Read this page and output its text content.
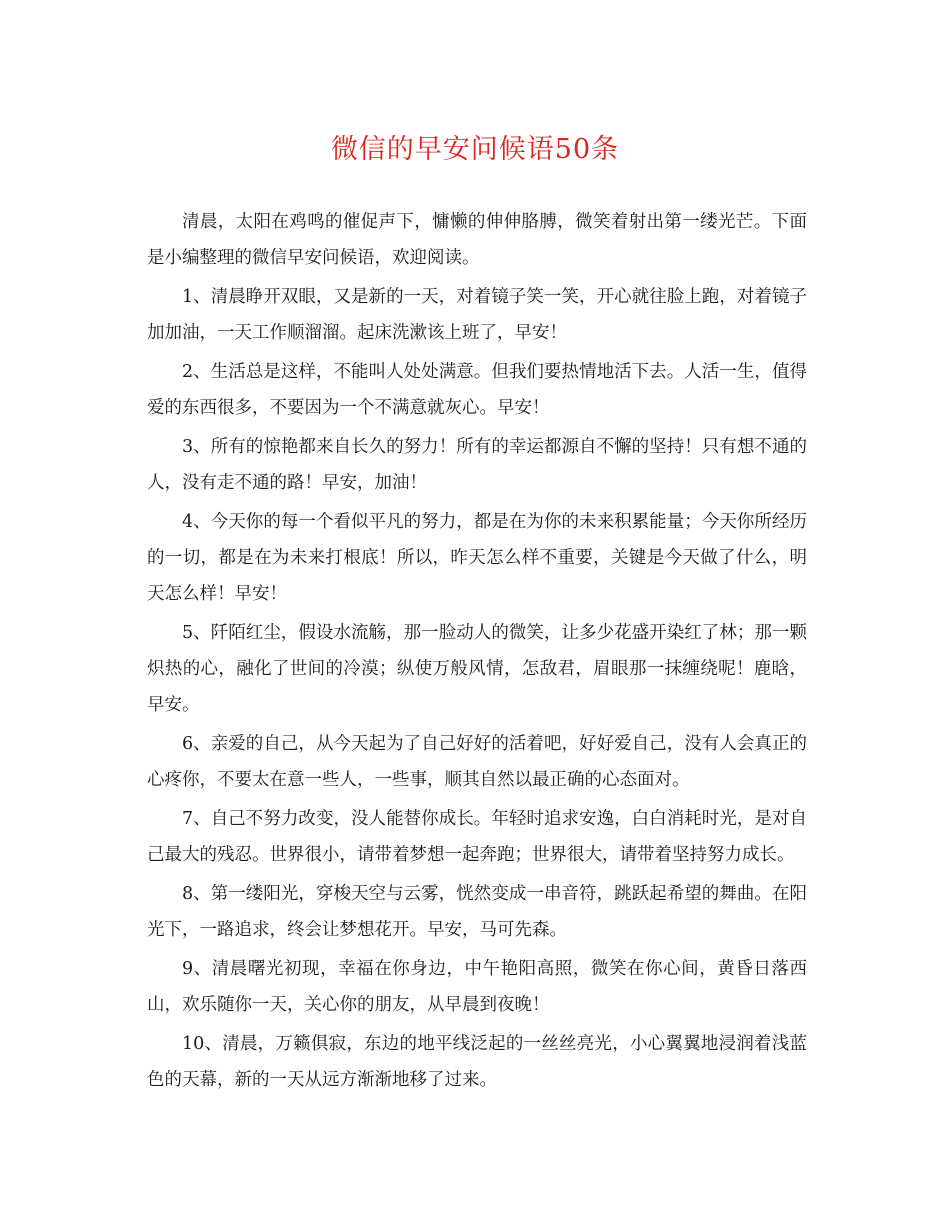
微信的早安问候语50条

清晨，太阳在鸡鸣的催促声下，慵懒的伸伸胳膊，微笑着射出第一缕光芒。下面是小编整理的微信早安问候语，欢迎阅读。

1、清晨睁开双眼，又是新的一天，对着镜子笑一笑，开心就往脸上跑，对着镜子加加油，一天工作顺溜溜。起床洗漱该上班了，早安！

2、生活总是这样，不能叫人处处满意。但我们要热情地活下去。人活一生，值得爱的东西很多，不要因为一个不满意就灰心。早安！

3、所有的惊艳都来自长久的努力！所有的幸运都源自不懈的坚持！只有想不通的人，没有走不通的路！早安，加油！

4、今天你的每一个看似平凡的努力，都是在为你的未来积累能量；今天你所经历的一切，都是在为未来打根底！所以，昨天怎么样不重要，关键是今天做了什么，明天怎么样！早安！

5、阡陌红尘，假设水流觞，那一脸动人的微笑，让多少花盛开染红了林；那一颗炽热的心，融化了世间的冷漠；纵使万般风情，怎敌君，眉眼那一抹缠绕呢！鹿晗，早安。

6、亲爱的自己，从今天起为了自己好好的活着吧，好好爱自己，没有人会真正的心疼你，不要太在意一些人，一些事，顺其自然以最正确的心态面对。

7、自己不努力改变，没人能替你成长。年轻时追求安逸，白白消耗时光，是对自己最大的残忍。世界很小，请带着梦想一起奔跑；世界很大，请带着坚持努力成长。

8、第一缕阳光，穿梭天空与云雾，恍然变成一串音符，跳跃起希望的舞曲。在阳光下，一路追求，终会让梦想花开。早安，马可先森。

9、清晨曙光初现，幸福在你身边，中午艳阳高照，微笑在你心间，黄昏日落西山，欢乐随你一天，关心你的朋友，从早晨到夜晚！

10、清晨，万籁俱寂，东边的地平线泛起的一丝丝亮光，小心翼翼地浸润着浅蓝色的天幕，新的一天从远方渐渐地移了过来。
